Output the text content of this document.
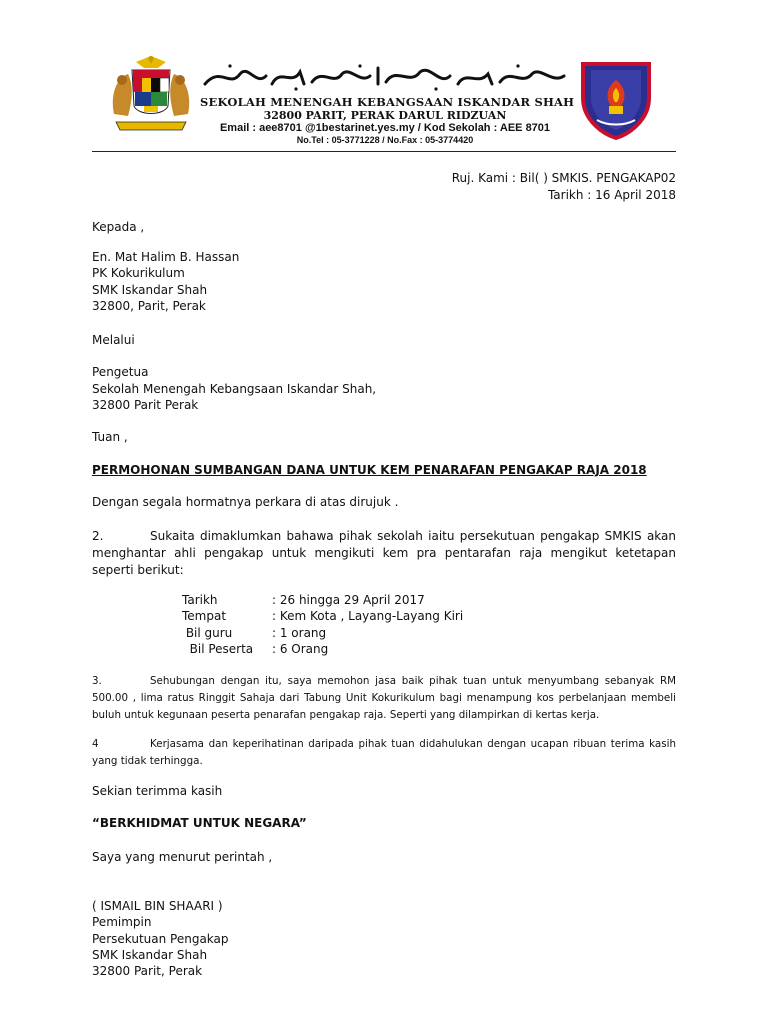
SEKOLAH MENENGAH KEBANGSAAN ISKANDAR SHAH
32800 PARIT, PERAK DARUL RIDZUAN
Email : aee8701 @1bestarinet.yes.my / Kod Sekolah : AEE 8701
No.Tel : 05-3771228 / No.Fax : 05-3774420
Ruj. Kami : Bil( ) SMKIS. PENGAKAP02
Tarikh : 16 April 2018
Kepada ,
En. Mat Halim B. Hassan
PK Kokurikulum
SMK Iskandar Shah
32800, Parit, Perak
Melalui
Pengetua
Sekolah Menengah Kebangsaan Iskandar Shah,
32800 Parit Perak
Tuan ,
PERMOHONAN SUMBANGAN DANA UNTUK KEM PENARAFAN PENGAKAP RAJA 2018
Dengan segala hormatnya perkara di atas dirujuk .
2.	Sukaita dimaklumkan bahawa pihak sekolah iaitu persekutuan pengakap SMKIS akan menghantar ahli pengakap untuk mengikuti kem pra pentarafan raja mengikut ketetapan seperti berikut:
Tarikh	: 26 hingga 29 April 2017
Tempat	: Kem Kota , Layang-Layang Kiri
Bil guru	: 1 orang
Bil Peserta : 6 Orang
3.	Sehubungan dengan itu, saya memohon jasa baik pihak tuan untuk menyumbang sebanyak RM 500.00 , lima ratus Ringgit Sahaja dari Tabung Unit Kokurikulum bagi menampung kos perbelanjaan membeli buluh untuk kegunaan peserta penarafan pengakap raja. Seperti yang dilampirkan di kertas kerja.
4	Kerjasama dan keperihatinan daripada pihak tuan didahulukan dengan ucapan ribuan terima kasih yang tidak terhingga.
Sekian terimma kasih
“BERKHIDMAT UNTUK NEGARA”
Saya yang menurut perintah ,
( ISMAIL BIN SHAARI )
Pemimpin
Persekutuan Pengakap
SMK Iskandar Shah
32800 Parit, Perak
